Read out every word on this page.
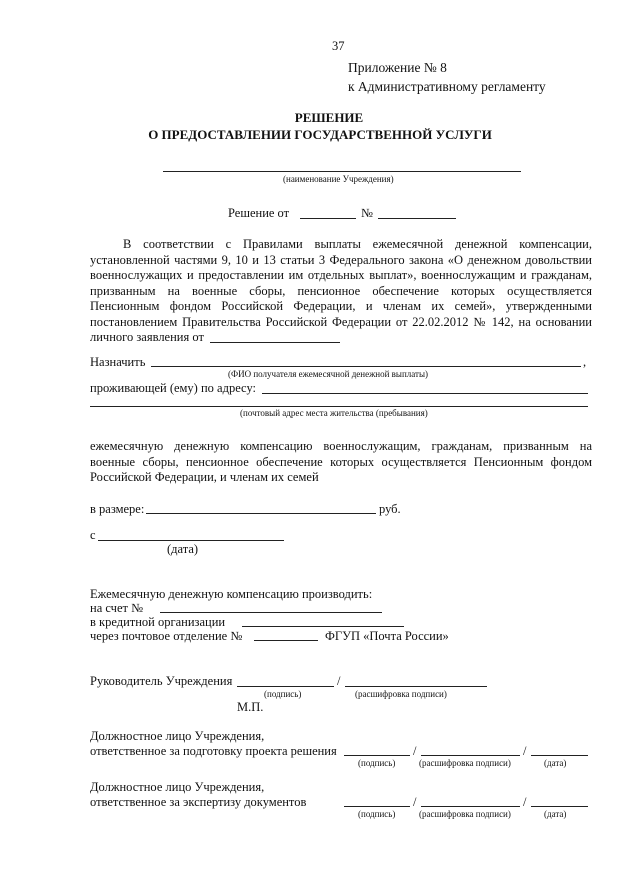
37
Приложение № 8
к Административному регламенту
РЕШЕНИЕ
О ПРЕДОСТАВЛЕНИИ ГОСУДАРСТВЕННОЙ УСЛУГИ
(наименование Учреждения)
Решение от	№
В соответствии с Правилами выплаты ежемесячной денежной компенсации,
установленной частями 9, 10 и 13 статьи 3 Федерального закона «О денежном довольствии
военнослужащих и предоставлении им отдельных выплат», военнослужащим и гражданам,
призванным на военные сборы, пенсионное обеспечение которых осуществляется
Пенсионным фондом Российской Федерации, и членам их семей», утвержденными
постановлением Правительства Российской Федерации от 22.02.2012 № 142, на основании
личного заявления от
Назначить	,
(ФИО получателя ежемесячной денежной выплаты)
проживающей (ему) по адресу:
(почтовый адрес места жительства (пребывания)
ежемесячную денежную компенсацию военнослужащим, гражданам, призванным на
военные сборы, пенсионное обеспечение которых осуществляется Пенсионным фондом
Российской Федерации, и членам их семей
в размере:	руб.
с
(дата)
Ежемесячную денежную компенсацию производить:
на счет №
в кредитной организации
через почтовое отделение №	ФГУП «Почта России»
Руководитель Учреждения	/
(подпись)	(расшифровка подписи)
М.П.
Должностное лицо Учреждения,
ответственное за подготовку проекта решения	/	/
(подпись)	(расшифровка подписи)	(дата)
Должностное лицо Учреждения,
ответственное за экспертизу документов	/	/
(подпись)	(расшифровка подписи)	(дата)
